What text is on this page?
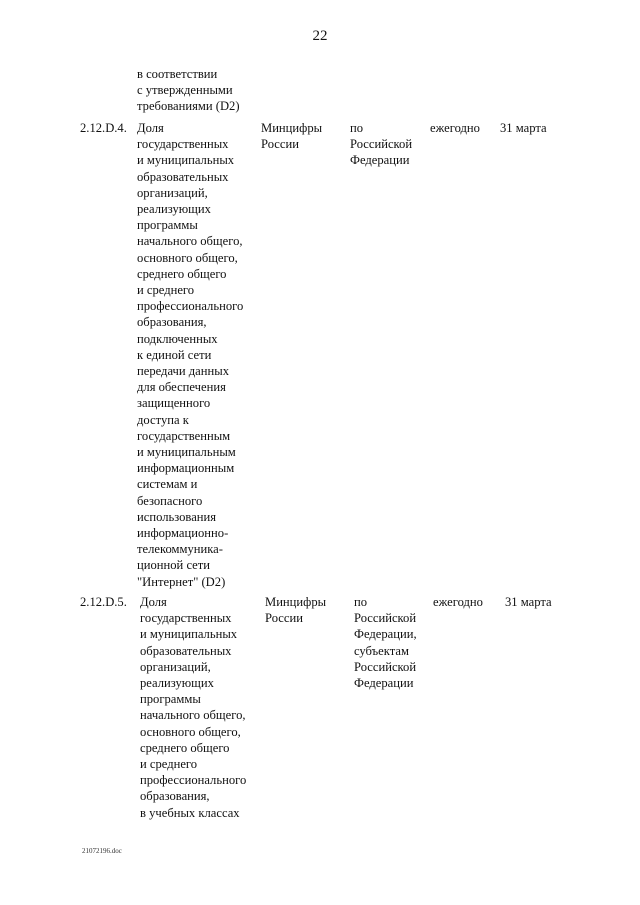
22

в соответствии
с утвержденными
требованиями (D2)

2.12.D.4. Доля
государственных
и муниципальных
образовательных
организаций,
реализующих
программы
начального общего,
основного общего,
среднего общего
и среднего
профессионального
образования,
подключенных
к единой сети
передачи данных
для обеспечения
защищенного
доступа к
государственным
и муниципальным
информационным
системам и
безопасного
использования
информационно-
телекоммуника-
ционной сети
"Интернет" (D2)

Минцифры
России

по
Российской
Федерации

ежегодно 31 марта

2.12.D.5. Доля
государственных
и муниципальных
образовательных
организаций,
реализующих
программы
начального общего,
основного общего,
среднего общего
и среднего
профессионального
образования,
в учебных классах

Минцифры
России

по
Российской
Федерации,
субъектам
Российской
Федерации

ежегодно 31 марта

21072196.doc
